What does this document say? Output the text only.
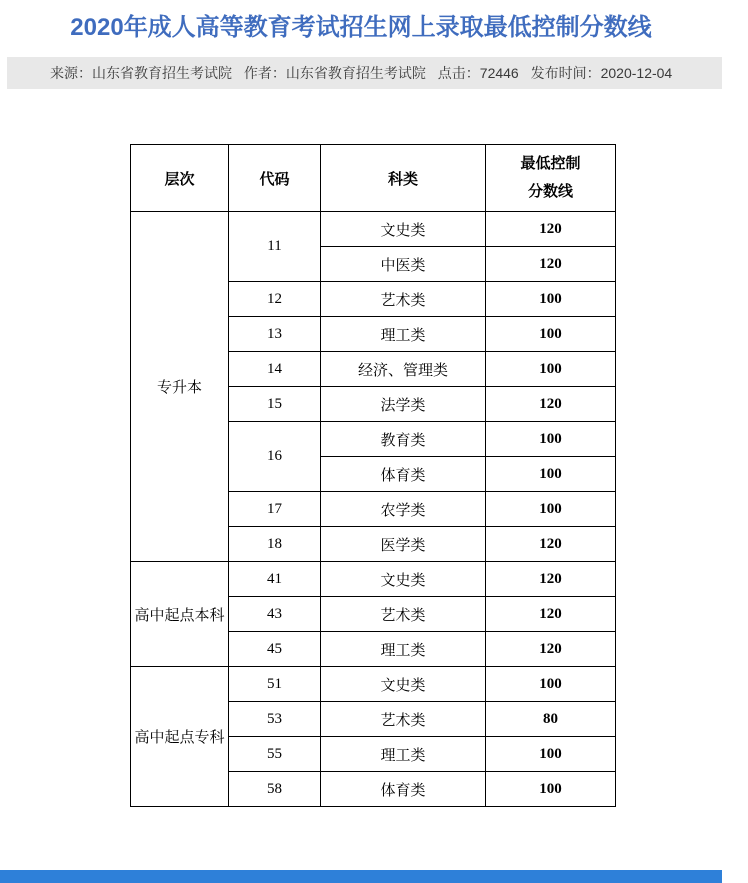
2020年成人高等教育考试招生网上录取最低控制分数线
来源：山东省教育招生考试院 作者：山东省教育招生考试院 点击：72446 发布时间：2020-12-04
层次	代码	科类	最低控制
分数线

专升本	11	文史类	120
		中医类	120
	12	艺术类	100
	13	理工类	100
	14	经济、管理类	100
	15	法学类	120
	16	教育类	100
		体育类	100
	17	农学类	100
	18	医学类	120
高中起点本科	41	文史类	120
	43	艺术类	120
	45	理工类	120
高中起点专科	51	文史类	100
	53	艺术类	80
	55	理工类	100
	58	体育类	100
